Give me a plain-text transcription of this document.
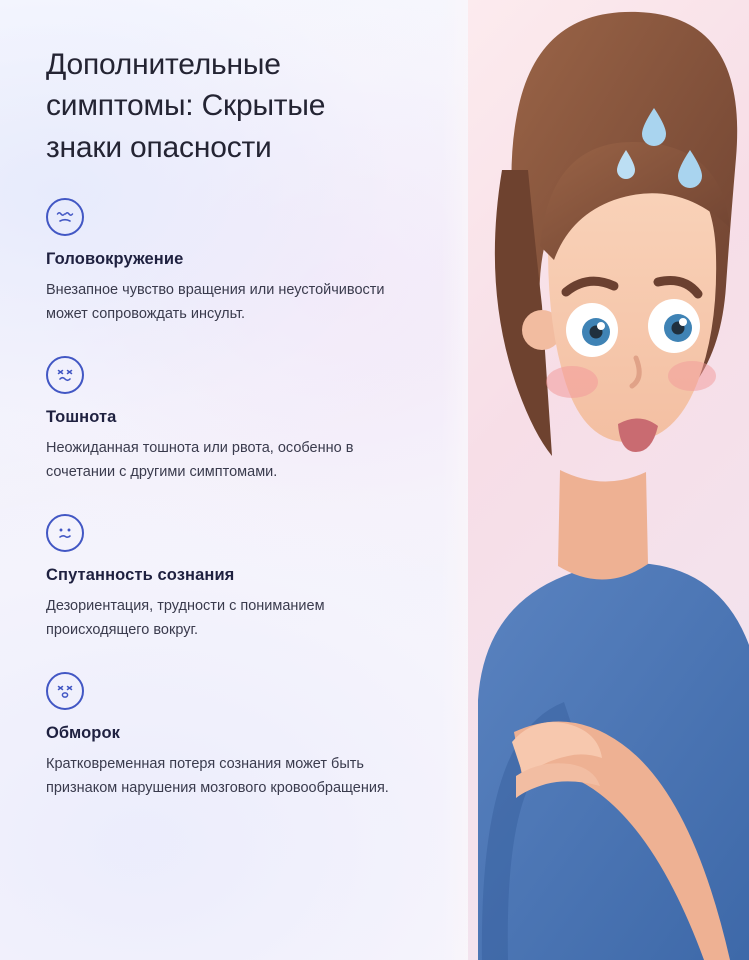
Дополнительные симптомы: Скрытые знаки опасности
Головокружение

Внезапное чувство вращения или неустойчивости может сопровождать инсульт.

Тошнота

Неожиданная тошнота или рвота, особенно в сочетании с другими симптомами.

Спутанность сознания

Дезориентация, трудности с пониманием происходящего вокруг.

Обморок

Кратковременная потеря сознания может быть признаком нарушения мозгового кровообращения.
